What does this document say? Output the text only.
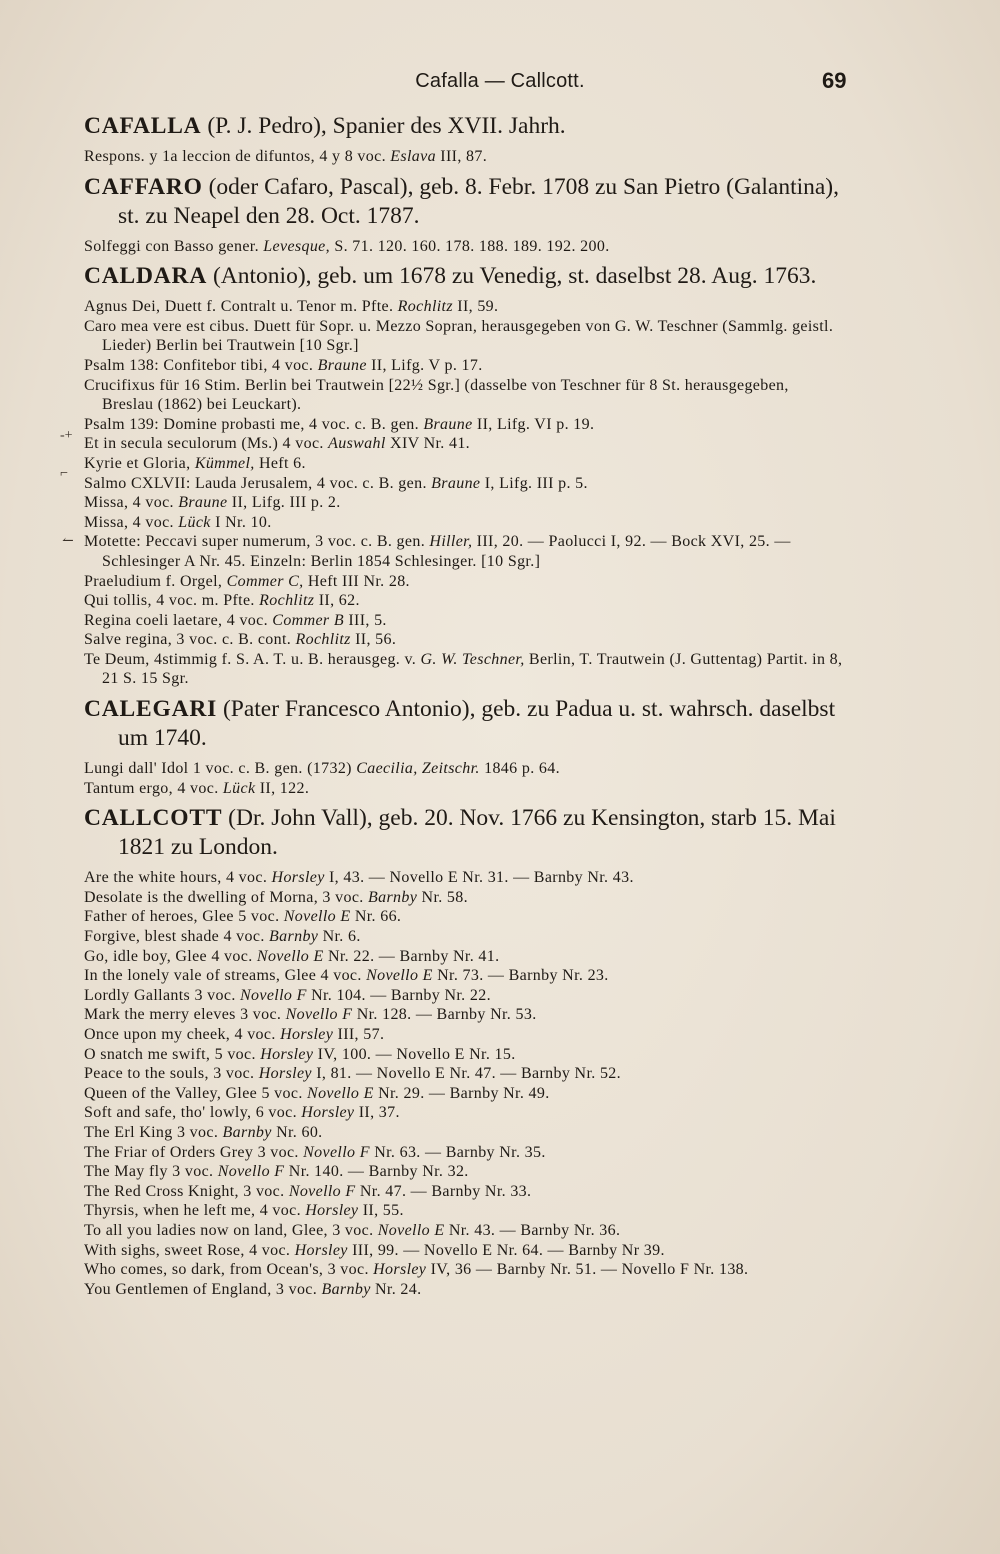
Cafalla — Callcott.	69

CAFALLA (P. J. Pedro), Spanier des XVII. Jahrh.

Respons. y 1a leccion de difuntos, 4 y 8 voc. Eslava III, 87.

CAFFARO (oder Cafaro, Pascal), geb. 8. Febr. 1708 zu San Pietro (Galantina), st. zu Neapel den 28. Oct. 1787.

Solfeggi con Basso gener. Levesque, S. 71. 120. 160. 178. 188. 189. 192. 200.

CALDARA (Antonio), geb. um 1678 zu Venedig, st. daselbst 28. Aug. 1763.

Agnus Dei, Duett f. Contralt u. Tenor m. Pfte. Rochlitz II, 59.
Caro mea vere est cibus. Duett für Sopr. u. Mezzo Sopran, herausgegeben von G. W. Teschner (Sammlg. geistl. Lieder) Berlin bei Trautwein [10 Sgr.]
Psalm 138: Confitebor tibi, 4 voc. Braune II, Lifg. V p. 17.
Crucifixus für 16 Stim. Berlin bei Trautwein [22½ Sgr.] (dasselbe von Teschner für 8 St. herausgegeben, Breslau (1862) bei Leuckart).
Psalm 139: Domine probasti me, 4 voc. c. B. gen. Braune II, Lifg. VI p. 19.
Et in secula seculorum (Ms.) 4 voc. Auswahl XIV Nr. 41.
Kyrie et Gloria, Kümmel, Heft 6.
Salmo CXLVII: Lauda Jerusalem, 4 voc. c. B. gen. Braune I, Lifg. III p. 5.
Missa, 4 voc. Braune II, Lifg. III p. 2.
Missa, 4 voc. Lück I Nr. 10.
Motette: Peccavi super numerum, 3 voc. c. B. gen. Hiller, III, 20. — Paolucci I, 92. — Bock XVI, 25. — Schlesinger A Nr. 45. Einzeln: Berlin 1854 Schlesinger. [10 Sgr.]
Praeludium f. Orgel, Commer C, Heft III Nr. 28.
Qui tollis, 4 voc. m. Pfte. Rochlitz II, 62.
Regina coeli laetare, 4 voc. Commer B III, 5.
Salve regina, 3 voc. c. B. cont. Rochlitz II, 56.
Te Deum, 4stimmig f. S. A. T. u. B. herausgeg. v. G. W. Teschner, Berlin, T. Trautwein (J. Guttentag) Partit. in 8, 21 S. 15 Sgr.

CALEGARI (Pater Francesco Antonio), geb. zu Padua u. st. wahrsch. daselbst um 1740.

Lungi dall' Idol 1 voc. c. B. gen. (1732) Caecilia, Zeitschr. 1846 p. 64.
Tantum ergo, 4 voc. Lück II, 122.

CALLCOTT (Dr. John Vall), geb. 20. Nov. 1766 zu Kensington, starb 15. Mai 1821 zu London.

Are the white hours, 4 voc. Horsley I, 43. — Novello E Nr. 31. — Barnby Nr. 43.
Desolate is the dwelling of Morna, 3 voc. Barnby Nr. 58.
Father of heroes, Glee 5 voc. Novello E Nr. 66.
Forgive, blest shade 4 voc. Barnby Nr. 6.
Go, idle boy, Glee 4 voc. Novello E Nr. 22. — Barnby Nr. 41.
In the lonely vale of streams, Glee 4 voc. Novello E Nr. 73. — Barnby Nr. 23.
Lordly Gallants 3 voc. Novello F Nr. 104. — Barnby Nr. 22.
Mark the merry eleves 3 voc. Novello F Nr. 128. — Barnby Nr. 53.
Once upon my cheek, 4 voc. Horsley III, 57.
O snatch me swift, 5 voc. Horsley IV, 100. — Novello E Nr. 15.
Peace to the souls, 3 voc. Horsley I, 81. — Novello E Nr. 47. — Barnby Nr. 52.
Queen of the Valley, Glee 5 voc. Novello E Nr. 29. — Barnby Nr. 49.
Soft and safe, tho' lowly, 6 voc. Horsley II, 37.
The Erl King 3 voc. Barnby Nr. 60.
The Friar of Orders Grey 3 voc. Novello F Nr. 63. — Barnby Nr. 35.
The May fly 3 voc. Novello F Nr. 140. — Barnby Nr. 32.
The Red Cross Knight, 3 voc. Novello F Nr. 47. — Barnby Nr. 33.
Thyrsis, when he left me, 4 voc. Horsley II, 55.
To all you ladies now on land, Glee, 3 voc. Novello E Nr. 43. — Barnby Nr. 36.
With sighs, sweet Rose, 4 voc. Horsley III, 99. — Novello E Nr. 64. — Barnby Nr 39.
Who comes, so dark, from Ocean's, 3 voc. Horsley IV, 36 — Barnby Nr. 51. — Novello F Nr. 138.
You Gentlemen of England, 3 voc. Barnby Nr. 24.
-+
⌐
↼
